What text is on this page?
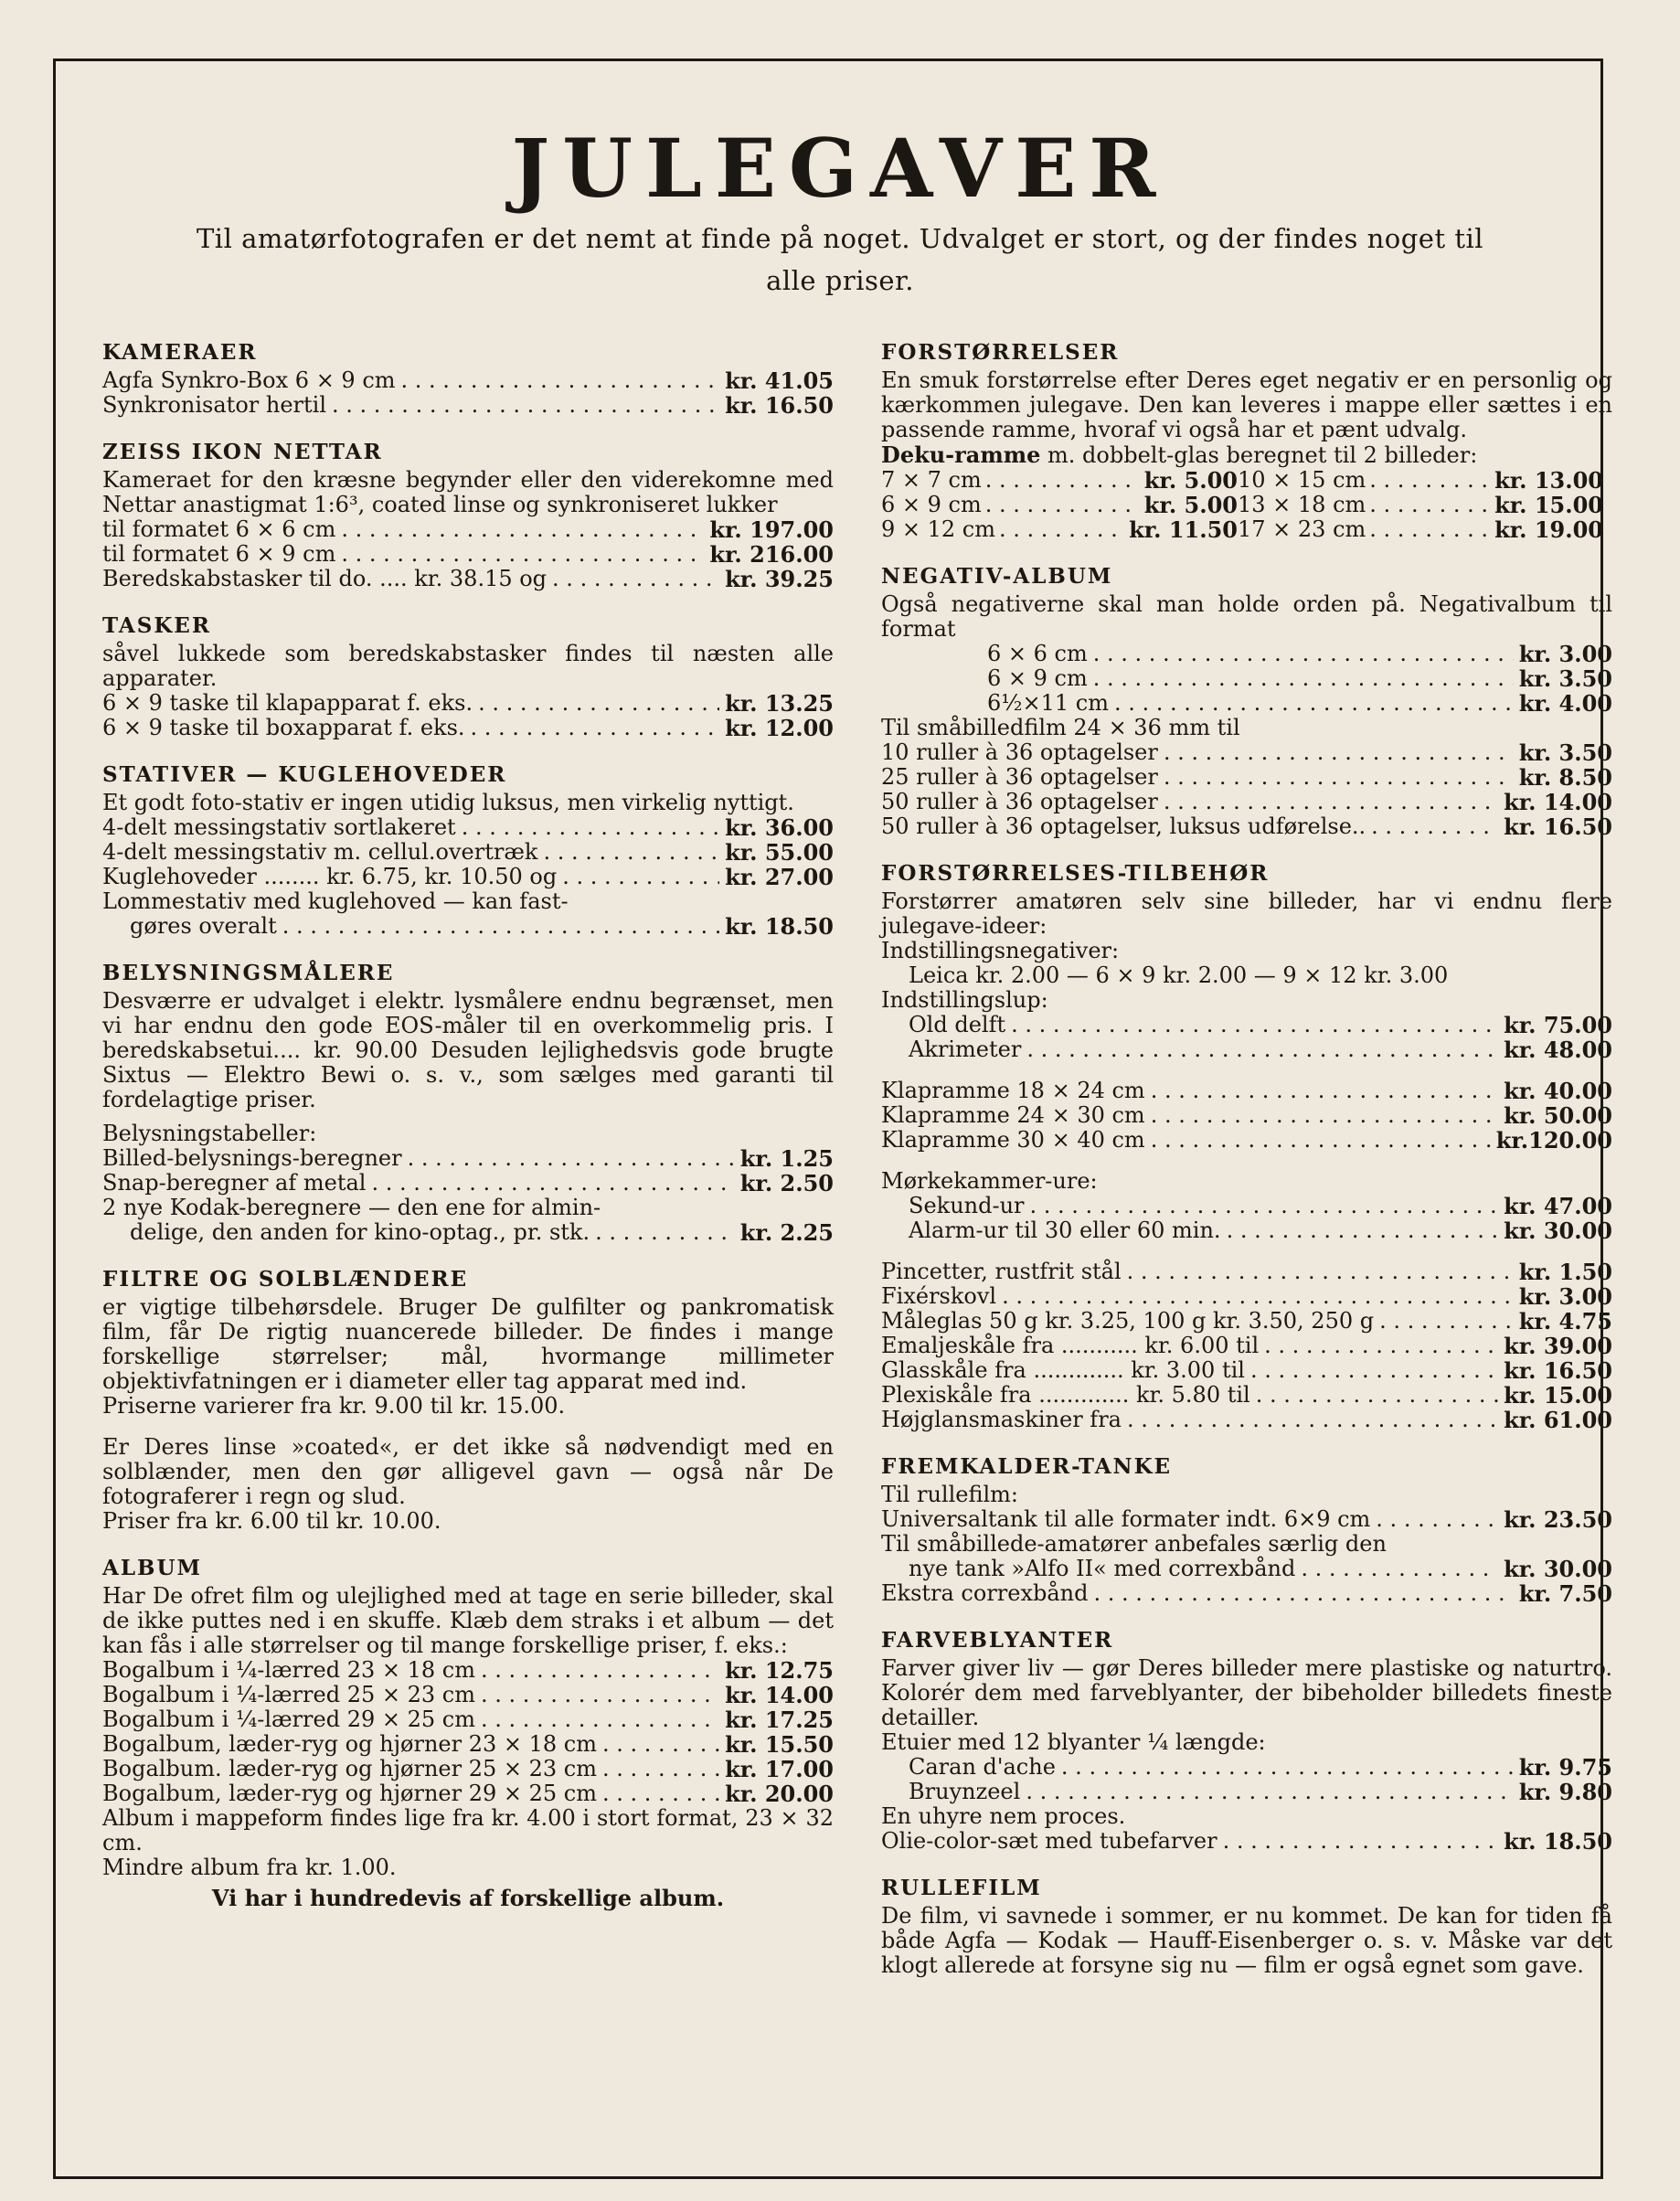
JULEGAVER
Til amatørfotografen er det nemt at finde på noget. Udvalget er stort, og der findes noget til alle priser.
KAMERAER
Agfa Synkro-Box 6 × 9 cm . . .	kr. 41.05
Synkronisator hertil . . .	kr. 16.50
ZEISS IKON NETTAR
Kameraet for den kræsne begynder eller den viderekomne med Nettar anastigmat 1:6³, coated linse og synkroniseret lukker
til formatet 6 × 6 cm . . .	kr. 197.00
til formatet 6 × 9 cm . . .	kr. 216.00
Beredskabstasker til do. .... kr. 38.15 og . . .	kr. 39.25
TASKER
såvel lukkede som beredskabstasker findes til næsten alle apparater.
6 × 9 taske til klapapparat f. eks. . . .	kr. 13.25
6 × 9 taske til boxapparat f. eks. . . .	kr. 12.00
STATIVER — KUGLEHOVEDER
Et godt foto-stativ er ingen utidig luksus, men virkelig nyttigt.
4-delt messingstativ sortlakeret . . .	kr. 36.00
4-delt messingstativ m. cellul.overtræk . . .	kr. 55.00
Kuglehoveder ........ kr. 6.75, kr. 10.50 og . . .	kr. 27.00
Lommestativ med kuglehoved — kan fast-
gøres overalt . . .	kr. 18.50
BELYSNINGSMÅLERE
Desværre er udvalget i elektr. lysmålere endnu begrænset, men vi har endnu den gode EOS-måler til en overkommelig pris. I beredskabsetui.... kr. 90.00 Desuden lejlighedsvis gode brugte Sixtus — Elektro Bewi o. s. v., som sælges med garanti til fordelagtige priser.
Belysningstabeller:
Billed-belysnings-beregner . . .	kr. 1.25
Snap-beregner af metal . . .	kr. 2.50
2 nye Kodak-beregnere — den ene for almin-
delige, den anden for kino-optag., pr. stk. . . .	kr. 2.25
FILTRE OG SOLBLÆNDERE
er vigtige tilbehørsdele. Bruger De gulfilter og pankromatisk film, får De rigtig nuancerede billeder. De findes i mange forskellige størrelser; mål, hvormange millimeter objektivfatningen er i diameter eller tag apparat med ind.
Priserne varierer fra kr. 9.00 til kr. 15.00.
Er Deres linse »coated«, er det ikke så nødvendigt med en solblænder, men den gør alligevel gavn — også når De fotograferer i regn og slud.
Priser fra kr. 6.00 til kr. 10.00.
ALBUM
Har De ofret film og ulejlighed med at tage en serie billeder, skal de ikke puttes ned i en skuffe. Klæb dem straks i et album — det kan fås i alle størrelser og til mange forskellige priser, f. eks.:
Bogalbum i ¼-lærred 23 × 18 cm . . .	kr. 12.75
Bogalbum i ¼-lærred 25 × 23 cm . . .	kr. 14.00
Bogalbum i ¼-lærred 29 × 25 cm . . .	kr. 17.25
Bogalbum, læder-ryg og hjørner 23 × 18 cm . . .	kr. 15.50
Bogalbum. læder-ryg og hjørner 25 × 23 cm . . .	kr. 17.00
Bogalbum, læder-ryg og hjørner 29 × 25 cm . . .	kr. 20.00
Album i mappeform findes lige fra kr. 4.00 i stort format, 23 × 32 cm.
Mindre album fra kr. 1.00.
Vi har i hundredevis af forskellige album.
FORSTØRRELSER
En smuk forstørrelse efter Deres eget negativ er en personlig og kærkommen julegave. Den kan leveres i mappe eller sættes i en passende ramme, hvoraf vi også har et pænt udvalg.
Deku-ramme m. dobbelt-glas beregnet til 2 billeder:
7 × 7 cm . . .	kr. 5.00 10 × 15 cm . . .	kr. 13.00
6 × 9 cm . . .	kr. 5.00 13 × 18 cm . . .	kr. 15.00
9 × 12 cm . . .	kr. 11.50 17 × 23 cm . . .	kr. 19.00
NEGATIV-ALBUM
Også negativerne skal man holde orden på. Negativalbum til format
6 × 6 cm . . .	kr. 3.00
6 × 9 cm . . .	kr. 3.50
6½×11 cm . . .	kr. 4.00
Til småbilledfilm 24 × 36 mm til
10 ruller à 36 optagelser . . .	kr. 3.50
25 ruller à 36 optagelser . . .	kr. 8.50
50 ruller à 36 optagelser . . .	kr. 14.00
50 ruller à 36 optagelser, luksus udførelse.. . . .	kr. 16.50
FORSTØRRELSES-TILBEHØR
Forstørrer amatøren selv sine billeder, har vi endnu flere julegave-ideer:
Indstillingsnegativer:
Leica kr. 2.00 — 6 × 9 kr. 2.00 — 9 × 12 kr. 3.00
Indstillingslup:
Old delft . . .	kr. 75.00
Akrimeter . . .	kr. 48.00
Klapramme 18 × 24 cm . . .	kr. 40.00
Klapramme 24 × 30 cm . . .	kr. 50.00
Klapramme 30 × 40 cm . . .	kr.120.00
Mørkekammer-ure:
Sekund-ur . . .	kr. 47.00
Alarm-ur til 30 eller 60 min. . . .	kr. 30.00
Pincetter, rustfrit stål . . .	kr. 1.50
Fixérskovl . . .	kr. 3.00
Måleglas 50 g kr. 3.25, 100 g kr. 3.50, 250 g . . .	kr. 4.75
Emaljeskåle fra ........... kr. 6.00 til . . .	kr. 39.00
Glasskåle fra ............. kr. 3.00 til . . .	kr. 16.50
Plexiskåle fra ............. kr. 5.80 til . . .	kr. 15.00
Højglansmaskiner fra . . .	kr. 61.00
FREMKALDER-TANKE
Til rullefilm:
Universaltank til alle formater indt. 6×9 cm . . .	kr. 23.50
Til småbillede-amatører anbefales særlig den
nye tank »Alfo II« med correxbånd . . .	kr. 30.00
Ekstra correxbånd . . .	kr. 7.50
FARVEBLYANTER
Farver giver liv — gør Deres billeder mere plastiske og naturtro. Kolorér dem med farveblyanter, der bibeholder billedets fineste detailler.
Etuier med 12 blyanter ¼ længde:
Caran d'ache . . .	kr. 9.75
Bruynzeel . . .	kr. 9.80
En uhyre nem proces.
Olie-color-sæt med tubefarver . . .	kr. 18.50
RULLEFILM
De film, vi savnede i sommer, er nu kommet. De kan for tiden få både Agfa — Kodak — Hauff-Eisenberger o. s. v. Måske var det klogt allerede at forsyne sig nu — film er også egnet som gave.
